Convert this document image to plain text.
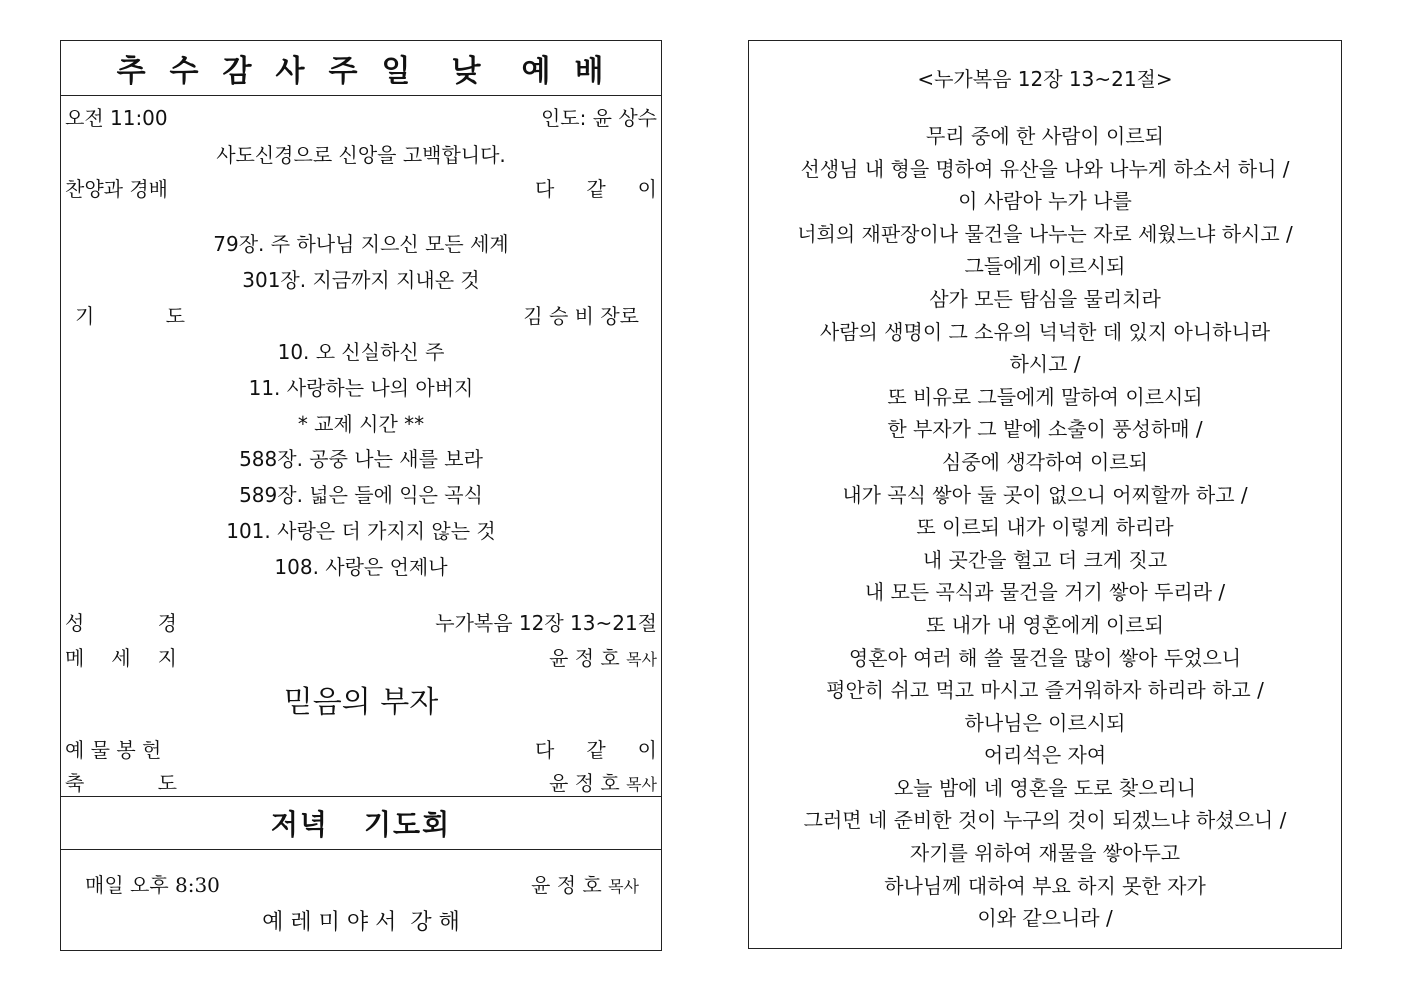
추 수 감 사 주 일 낮 예 배
오전 11:00	인도: 윤 상수
사도신경으로 신앙을 고백합니다.
찬양과 경배	다 같 이
79장. 주 하나님 지으신 모든 세계
301장. 지금까지 지내온 것
기	도	김 승 비 장로
10. 오 신실하신 주
11. 사랑하는 나의 아버지
* 교제 시간 **
588장. 공중 나는 새를 보라
589장. 넓은 들에 익은 곡식
101. 사랑은 더 가지지 않는 것
108. 사랑은 언제나
성	경	누가복음 12장 13~21절
메 세 지	윤 정 호 목사
믿음의 부자
예 물 봉 헌	다 같 이
축	도	윤 정 호 목사
저녁 기도회
매일 오후 8:30	윤 정 호 목사
예 레 미 야 서  강 해
<누가복음 12장 13~21절>
무리 중에 한 사람이 이르되
선생님 내 형을 명하여 유산을 나와 나누게 하소서 하니 /
이 사람아 누가 나를
너희의 재판장이나 물건을 나누는 자로 세웠느냐 하시고 /
그들에게 이르시되
삼가 모든 탐심을 물리치라
사람의 생명이 그 소유의 넉넉한 데 있지 아니하니라
하시고 /
또 비유로 그들에게 말하여 이르시되
한 부자가 그 밭에 소출이 풍성하매 /
심중에 생각하여 이르되
내가 곡식 쌓아 둘 곳이 없으니 어찌할까 하고 /
또 이르되 내가 이렇게 하리라
내 곳간을 헐고 더 크게 짓고
내 모든 곡식과 물건을 거기 쌓아 두리라 /
또 내가 내 영혼에게 이르되
영혼아 여러 해 쓸 물건을 많이 쌓아 두었으니
평안히 쉬고 먹고 마시고 즐거워하자 하리라 하고 /
하나님은 이르시되
어리석은 자여
오늘 밤에 네 영혼을 도로 찾으리니
그러면 네 준비한 것이 누구의 것이 되겠느냐 하셨으니 /
자기를 위하여 재물을 쌓아두고
하나님께 대하여 부요 하지 못한 자가
이와 같으니라 /
